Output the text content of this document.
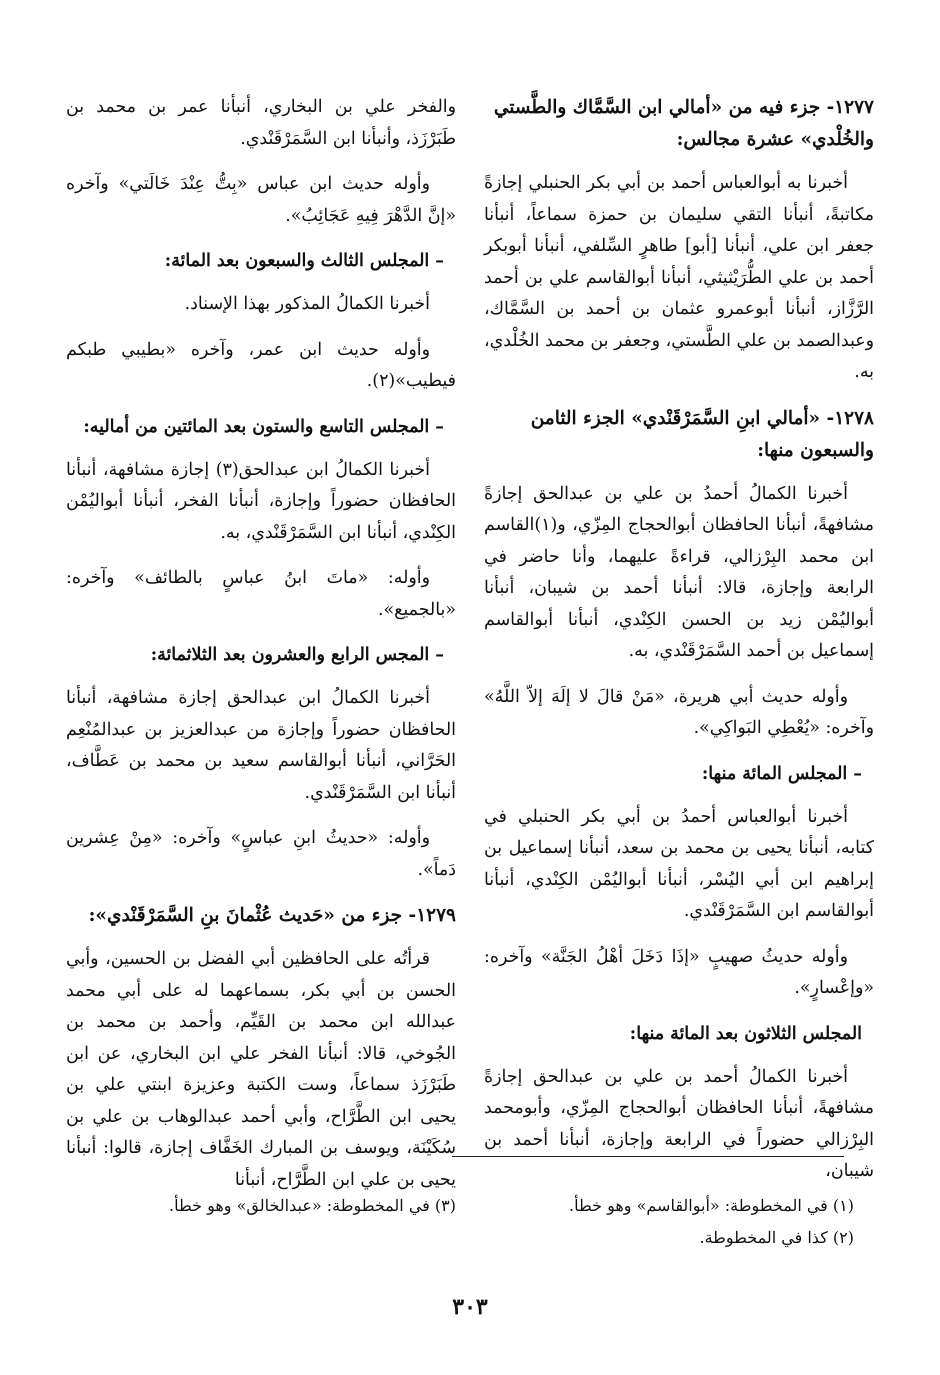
١٢٧٧- جزء فيه من «أمالي ابن السَّمَّاك والطَّستي والخُلْدي» عشرة مجالس:

أخبرنا به أبوالعباس أحمد بن أبي بكر الحنبلي إجازةً مكاتبةً، أنبأنا التقي سليمان بن حمزة سماعاً، أنبأنا جعفر ابن علي، أنبأنا [أبو] طاهرٍ السِّلفي، أنبأنا أبوبكر أحمد بن علي الطُّرَيْثيثي، أنبأنا أبوالقاسم علي بن أحمد الرَّزَّاز، أنبأنا أبوعمرو عثمان بن أحمد بن السَّمَّاك، وعبدالصمد بن علي الطَّستي، وجعفر بن محمد الخُلْدي، به.

١٢٧٨- «أمالي ابنِ السَّمَرْقَنْدي» الجزء الثامن والسبعون منها:

أخبرنا الكمالُ أحمدُ بن علي بن عبدالحق إجازةً مشافهةً، أنبأنا الحافظان أبوالحجاج المِزّي، و(١)القاسم ابن محمد البِرْزالي، قراءةً عليهما، وأنا حاضر في الرابعة وإجازة، قالا: أنبأنا أحمد بن شيبان، أنبأنا أبواليُمْن زيد بن الحسن الكِنْدي، أنبأنا أبوالقاسم إسماعيل بن أحمد السَّمَرْقَنْدي، به.

وأوله حديث أبي هريرة، «مَنْ قالَ لا إلَهَ إلاّ اللَّهُ» وآخره: «يُعْطِي البَواكِي».

– المجلس المائة منها:

أخبرنا أبوالعباس أحمدُ بن أبي بكر الحنبلي في كتابه، أنبأنا يحيى بن محمد بن سعد، أنبأنا إسماعيل بن إبراهيم ابن أبي اليُسْر، أنبأنا أبواليُمْن الكِنْدي، أنبأنا أبوالقاسم ابن السَّمَرْقَنْدي.

وأوله حديثُ صهيبٍ «إذَا دَخَلَ أهْلُ الجَنَّة» وآخره: «وإعْسارٍ».

المجلس الثلاثون بعد المائة منها:

أخبرنا الكمالُ أحمد بن علي بن عبدالحق إجازةً مشافهةً، أنبأنا الحافظان أبوالحجاج المِزّي، وأبومحمد البِرْزالي حضوراً في الرابعة وإجازة، أنبأنا أحمد بن شيبان،

والفخر علي بن البخاري، أنبأنا عمر بن محمد بن طَبَرْزَذ، وأنبأنا ابن السَّمَرْقَنْدي.

وأوله حديث ابن عباس «بِتُّ عِنْدَ خَالَتي» وآخره «إنَّ الدَّهْرَ فِيهِ عَجَائِبُ».

– المجلس الثالث والسبعون بعد المائة:

أخبرنا الكمالُ المذكور بهذا الإسناد.

وأوله حديث ابن عمر، وآخره «بطيبي طبكم فيطيب»(٢).

– المجلس التاسع والستون بعد المائتين من أماليه:

أخبرنا الكمالُ ابن عبدالحق(٣) إجازة مشافهة، أنبأنا الحافظان حضوراً وإجازة، أنبأنا الفخر، أنبأنا أبواليُمْن الكِنْدي، أنبأنا ابن السَّمَرْقَنْدي، به.

وأوله: «ماتَ ابنُ عباسٍ بالطائف» وآخره: «بالجميع».

– المجس الرابع والعشرون بعد الثلاثمائة:

أخبرنا الكمالُ ابن عبدالحق إجازة مشافهة، أنبأنا الحافظان حضوراً وإجازة من عبدالعزيز بن عبدالمُنْعِم الحَرَّاني، أنبأنا أبوالقاسم سعيد بن محمد بن عَطَّاف، أنبأنا ابن السَّمَرْقَنْدي.

وأوله: «حديثُ ابنِ عباسٍ» وآخره: «مِنْ عِشرين دَماً».

١٢٧٩- جزء من «حَديث عُثْمانَ بنِ السَّمَرْقَنْدي»:

قرأتُه على الحافظين أبي الفضل بن الحسين، وأبي الحسن بن أبي بكر، بسماعهما له على أبي محمد عبدالله ابن محمد بن القَيِّم، وأحمد بن محمد بن الجُوخي، قالا: أنبأنا الفخر علي ابن البخاري، عن ابن طَبَرْزَذ سماعاً، وست الكتبة وعزيزة ابنتي علي بن يحيى ابن الطَّرَّاح، وأبي أحمد عبدالوهاب بن علي بن سُكَيْنَة، ويوسف بن المبارك الخَفَّاف إجازة، قالوا: أنبأنا يحيى بن علي ابن الطَّرَّاح، أنبأنا

(١) في المخطوطة: «أبوالقاسم» وهو خطأ.
(٢) كذا في المخطوطة.
(٣) في المخطوطة: «عبدالخالق» وهو خطأ.
٣٠٣
